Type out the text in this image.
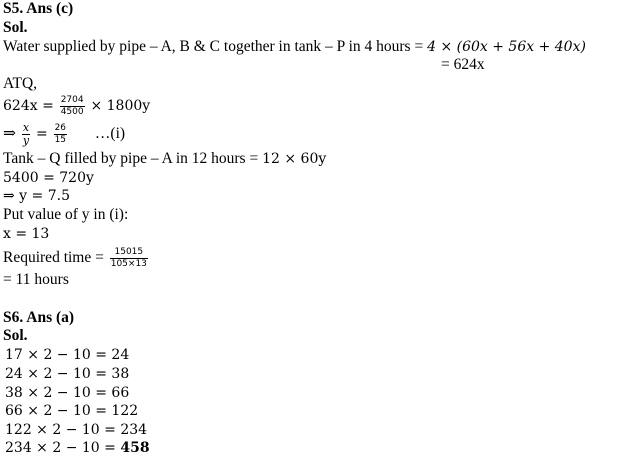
S5. Ans (c)
Sol.
Water supplied by pipe – A, B & C together in tank – P in 4 hours = 4 × (60x + 56x + 40x)
= 624x
ATQ,
$624x = \frac{2704}{4500} \times 1800y$
⇒ $\frac{x}{y} = \frac{26}{15}$ …(i)
Tank – Q filled by pipe – A in 12 hours = 12 × 60y
5400 = 720y
⇒ y = 7.5
Put value of y in (i):
x = 13
Required time = $\frac{15015}{105\times 13}$
= 11 hours
S6. Ans (a)
Sol.
17 × 2 − 10 = 24
24 × 2 − 10 = 38
38 × 2 − 10 = 66
66 × 2 − 10 = 122
122 × 2 − 10 = 234
234 × 2 − 10 = 458
